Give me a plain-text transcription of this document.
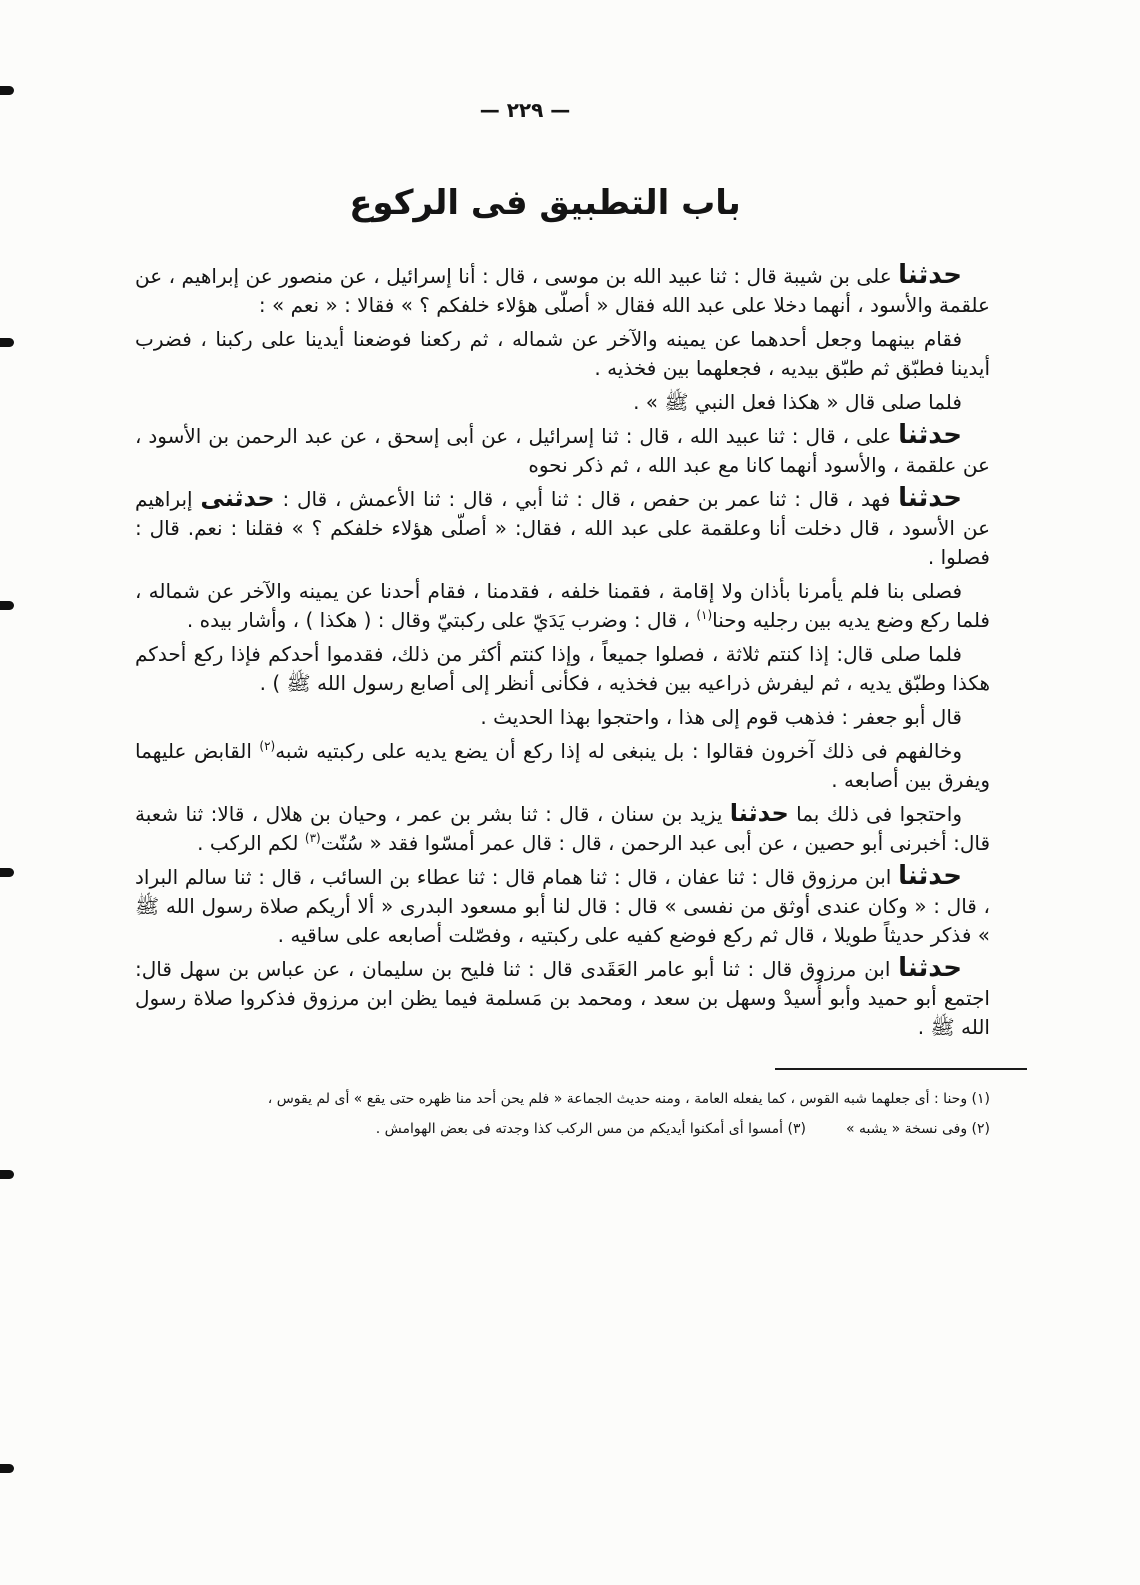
— ٢٢٩ —
باب التطبيق فى الركوع

حدثنا على بن شيبة قال : ثنا عبيد الله بن موسى ، قال : أنا إسرائيل ، عن منصور عن إبراهيم ، عن علقمة والأسود ، أنهما دخلا على عبد الله فقال « أصلّى هؤلاء خلفكم ؟ » فقالا : « نعم » :

فقام بينهما وجعل أحدهما عن يمينه والآخر عن شماله ، ثم ركعنا فوضعنا أيدينا على ركبنا ، فضرب أيدينا فطبّق ثم طبّق بيديه ، فجعلهما بين فخذيه .

فلما صلى قال « هكذا فعل النبي ﷺ » .

حدثنا على ، قال : ثنا عبيد الله ، قال : ثنا إسرائيل ، عن أبى إسحق ، عن عبد الرحمن بن الأسود ، عن علقمة ، والأسود أنهما كانا مع عبد الله ، ثم ذكر نحوه

حدثنا فهد ، قال : ثنا عمر بن حفص ، قال : ثنا أبي ، قال : ثنا الأعمش ، قال : حدثنى إبراهيم عن الأسود ، قال دخلت أنا وعلقمة على عبد الله ، فقال: « أصلّى هؤلاء خلفكم ؟ » فقلنا : نعم. قال : فصلوا .

فصلى بنا فلم يأمرنا بأذان ولا إقامة ، فقمنا خلفه ، فقدمنا ، فقام أحدنا عن يمينه والآخر عن شماله ، فلما ركع وضع يديه بين رجليه وحنا$^{(١)}$ ، قال : وضرب يَدَيّ على ركبتيّ وقال : ( هكذا ) ، وأشار بيده .

فلما صلى قال: إذا كنتم ثلاثة ، فصلوا جميعاً ، وإذا كنتم أكثر من ذلك، فقدموا أحدكم فإذا ركع أحدكم هكذا وطبّق يديه ، ثم ليفرش ذراعيه بين فخذيه ، فكأنى أنظر إلى أصابع رسول الله ﷺ ) .

قال أبو جعفر : فذهب قوم إلى هذا ، واحتجوا بهذا الحديث .

وخالفهم فى ذلك آخرون فقالوا : بل ينبغى له إذا ركع أن يضع يديه على ركبتيه شبه$^{(٢)}$ القابض عليهما ويفرق بين أصابعه .

واحتجوا فى ذلك بما حدثنا يزيد بن سنان ، قال : ثنا بشر بن عمر ، وحيان بن هلال ، قالا: ثنا شعبة قال: أخبرنى أبو حصين ، عن أبى عبد الرحمن ، قال : قال عمر أمسّوا فقد « سُنّت$^{(٣)}$ لكم الركب .

حدثنا ابن مرزوق قال : ثنا عفان ، قال : ثنا همام قال : ثنا عطاء بن السائب ، قال : ثنا سالم البراد ، قال : « وكان عندى أوثق من نفسى » قال : قال لنا أبو مسعود البدرى « ألا أريكم صلاة رسول الله ﷺ » فذكر حديثاً طويلا ، قال ثم ركع فوضع كفيه على ركبتيه ، وفصّلت أصابعه على ساقيه .

حدثنا ابن مرزوق قال : ثنا أبو عامر العَقَدى قال : ثنا فليح بن سليمان ، عن عباس بن سهل قال: اجتمع أبو حميد وأبو أُسيدْ وسهل بن سعد ، ومحمد بن مَسلمة فيما يظن ابن مرزوق فذكروا صلاة رسول الله ﷺ .

(١) وحنا : أى جعلهما شبه القوس ، كما يفعله العامة ، ومنه حديث الجماعة « فلم يحن أحد منا ظهره حتى يقع » أى لم يقوس ،

(٢) وفى نسخة « يشبه »

(٣) أمسوا أى أمكنوا أيديكم من مس الركب كذا وجدته فى بعض الهوامش .
